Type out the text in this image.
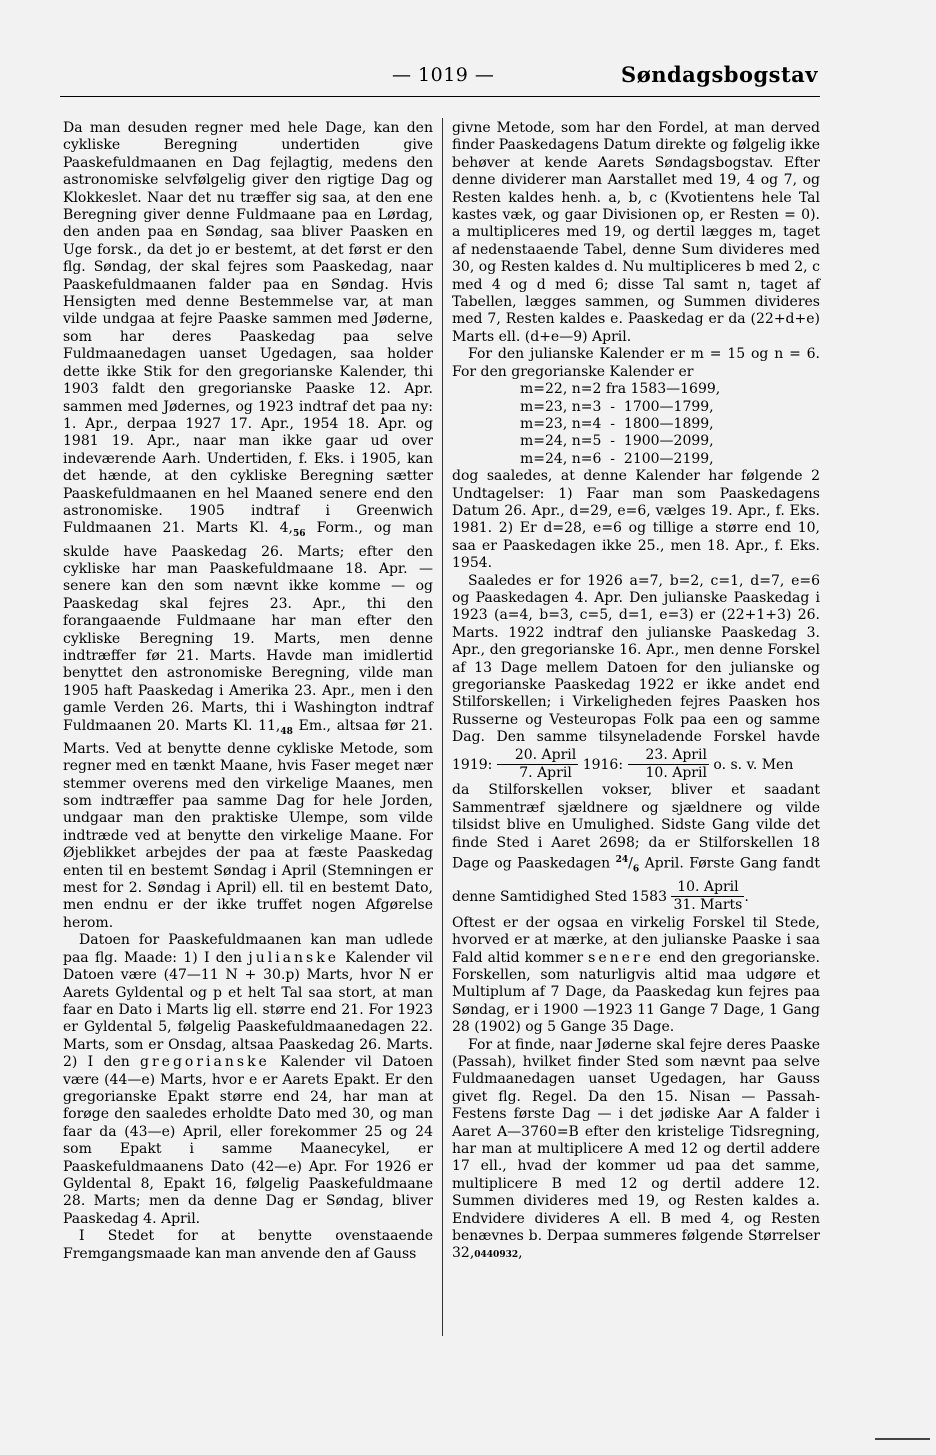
— 1019 —	Søndagsbogstav

Da man desuden regner med hele Dage, kan den cykliske Beregning undertiden give Paaskefuldmaanen en Dag fejlagtig, medens den astronomiske selvfølgelig giver den rigtige Dag og Klokkeslet. Naar det nu træffer sig saa, at den ene Beregning giver denne Fuldmaane paa en Lørdag, den anden paa en Søndag, saa bliver Paasken en Uge forsk., da det jo er bestemt, at det først er den flg. Søndag, der skal fejres som Paaskedag, naar Paaskefuldmaanen falder paa en Søndag. Hvis Hensigten med denne Bestemmelse var, at man vilde undgaa at fejre Paaske sammen med Jøderne, som har deres Paaskedag paa selve Fuldmaanedagen uanset Ugedagen, saa holder dette ikke Stik for den gregorianske Kalender, thi 1903 faldt den gregorianske Paaske 12. Apr. sammen med Jødernes, og 1923 indtraf det paa ny: 1. Apr., derpaa 1927 17. Apr., 1954 18. Apr. og 1981 19. Apr., naar man ikke gaar ud over indeværende Aarh. Undertiden, f. Eks. i 1905, kan det hænde, at den cykliske Beregning sætter Paaskefuldmaanen en hel Maaned senere end den astronomiske. 1905 indtraf i Greenwich Fuldmaanen 21. Marts Kl. $4,_{56}$ Form., og man skulde have Paaskedag 26. Marts; efter den cykliske har man Paaskefuldmaane 18. Apr. — senere kan den som nævnt ikke komme — og Paaskedag skal fejres 23. Apr., thi den forangaaende Fuldmaane har man efter den cykliske Beregning 19. Marts, men denne indtræffer før 21. Marts. Havde man imidlertid benyttet den astronomiske Beregning, vilde man 1905 haft Paaskedag i Amerika 23. Apr., men i den gamle Verden 26. Marts, thi i Washington indtraf Fuldmaanen 20. Marts Kl. $11,_{48}$ Em., altsaa før 21. Marts. Ved at benytte denne cykliske Metode, som regner med en tænkt Maane, hvis Faser meget nær stemmer overens med den virkelige Maanes, men som indtræffer paa samme Dag for hele Jorden, undgaar man den praktiske Ulempe, som vilde indtræde ved at benytte den virkelige Maane. For Øjeblikket arbejdes der paa at fæste Paaskedag enten til en bestemt Søndag i April (Stemningen er mest for 2. Søndag i April) ell. til en bestemt Dato, men endnu er der ikke truffet nogen Afgørelse herom.

Datoen for Paaskefuldmaanen kan man udlede paa flg. Maade: 1) I den julianske Kalender vil Datoen være (47—11 N + 30.p) Marts, hvor N er Aarets Gyldental og p et helt Tal saa stort, at man faar en Dato i Marts lig ell. større end 21. For 1923 er Gyldental 5, følgelig Paaskefuldmaanedagen 22. Marts, som er Onsdag, altsaa Paaskedag 26. Marts. 2) I den gregorianske Kalender vil Datoen være (44—e) Marts, hvor e er Aarets Epakt. Er den gregorianske Epakt større end 24, har man at forøge den saaledes erholdte Dato med 30, og man faar da (43—e) April, eller forekommer 25 og 24 som Epakt i samme Maanecykel, er Paaskefuldmaanens Dato (42—e) Apr. For 1926 er Gyldental 8, Epakt 16, følgelig Paaskefuldmaane 28. Marts; men da denne Dag er Søndag, bliver Paaskedag 4. April.

I Stedet for at benytte ovenstaaende Fremgangsmaade kan man anvende den af Gauss

givne Metode, som har den Fordel, at man derved finder Paaskedagens Datum direkte og følgelig ikke behøver at kende Aarets Søndagsbogstav. Efter denne dividerer man Aarstallet med 19, 4 og 7, og Resten kaldes henh. a, b, c (Kvotientens hele Tal kastes væk, og gaar Divisionen op, er Resten = 0). a multipliceres med 19, og dertil lægges m, taget af nedenstaaende Tabel, denne Sum divideres med 30, og Resten kaldes d. Nu multipliceres b med 2, c med 4 og d med 6; disse Tal samt n, taget af Tabellen, lægges sammen, og Summen divideres med 7, Resten kaldes e. Paaskedag er da (22+d+e) Marts ell. (d+e—9) April.

For den julianske Kalender er m = 15 og n = 6. For den gregorianske Kalender er

m=22, n=2 fra 1583—1699,
m=23, n=3  -  1700—1799,
m=23, n=4  -  1800—1899,
m=24, n=5  -  1900—2099,
m=24, n=6  -  2100—2199,

dog saaledes, at denne Kalender har følgende 2 Undtagelser: 1) Faar man som Paaskedagens Datum 26. Apr., d=29, e=6, vælges 19. Apr., f. Eks. 1981. 2) Er d=28, e=6 og tillige a større end 10, saa er Paaskedagen ikke 25., men 18. Apr., f. Eks. 1954.

Saaledes er for 1926 a=7, b=2, c=1, d=7, e=6 og Paaskedagen 4. Apr. Den julianske Paaskedag i 1923 (a=4, b=3, c=5, d=1, e=3) er (22+1+3) 26. Marts. 1922 indtraf den julianske Paaskedag 3. Apr., den gregorianske 16. Apr., men denne Forskel af 13 Dage mellem Datoen for den julianske og gregorianske Paaskedag 1922 er ikke andet end Stilforskellen; i Virkeligheden fejres Paasken hos Russerne og Vesteuropas Folk paa een og samme Dag. Den samme tilsyneladende Forskel havde 1919: $\frac{\text{20. April}}{\text{7. April}} 1916$: $\frac{\text{23. April}}{\text{10. April}} o$. s. v. Men

da Stilforskellen vokser, bliver et saadant Sammentræf sjældnere og sjældnere og vilde tilsidst blive en Umulighed. Sidste Gang vilde det finde Sted i Aaret 2698; da er Stilforskellen 18 Dage og Paaskedagen $^{24}/_6$ April. Første Gang fandt denne Samtidighed Sted $1583 \frac{\text{10. April}}{\text{31. Marts}}$ .

Oftest er der ogsaa en virkelig Forskel til Stede, hvorved er at mærke, at den julianske Paaske i saa Fald altid kommer senere end den gregorianske. Forskellen, som naturligvis altid maa udgøre et Multiplum af 7 Dage, da Paaskedag kun fejres paa Søndag, er i 1900 —1923 11 Gange 7 Dage, 1 Gang 28 (1902) og 5 Gange 35 Dage.

For at finde, naar Jøderne skal fejre deres Paaske (Passah), hvilket finder Sted som nævnt paa selve Fuldmaanedagen uanset Ugedagen, har Gauss givet flg. Regel. Da den 15. Nisan — Passah-Festens første Dag — i det jødiske Aar A falder i Aaret A—3760=B efter den kristelige Tidsregning, har man at multiplicere A med 12 og dertil addere 17 ell., hvad der kommer ud paa det samme, multiplicere B med 12 og dertil addere 12. Summen divideres med 19, og Resten kaldes a. Endvidere divideres A ell. B med 4, og Resten benævnes b. Derpaa summeres følgende Størrelser 32,0440932,
